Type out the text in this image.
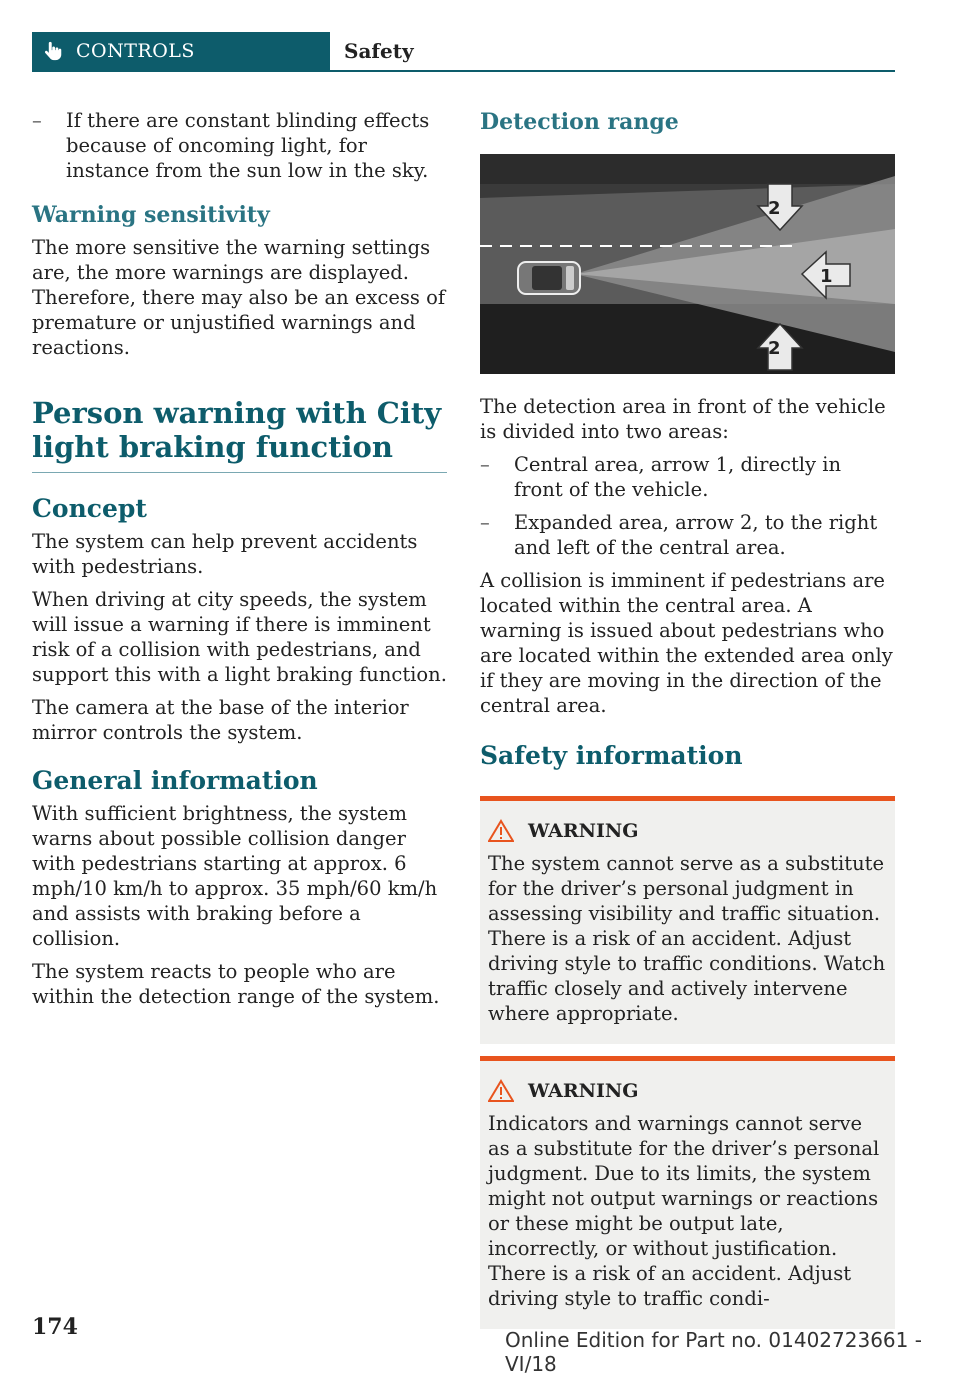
CONTROLS	Safety
– If there are constant blinding effects because of oncoming light, for instance from the sun low in the sky.
Warning sensitivity

The more sensitive the warning settings are, the more warnings are displayed. Therefore, there may also be an excess of premature or unjustified warnings and reactions.

Person warning with City light braking function
Concept

The system can help prevent accidents with pedestrians.

When driving at city speeds, the system will issue a warning if there is imminent risk of a collision with pedestrians, and support this with a light braking function.

The camera at the base of the interior mirror controls the system.

General information

With sufficient brightness, the system warns about possible collision danger with pedestrians starting at approx. 6 mph/10 km/h to approx. 35 mph/60 km/h and assists with braking before a collision.

The system reacts to people who are within the detection range of the system.

Detection range
2
1
2

The detection area in front of the vehicle is divided into two areas:

– Central area, arrow 1, directly in front of the vehicle.
– Expanded area, arrow 2, to the right and left of the central area.

A collision is imminent if pedestrians are located within the central area. A warning is issued about pedestrians who are located within the extended area only if they are moving in the direction of the central area.

Safety information
WARNING

The system cannot serve as a substitute for the driver’s personal judgment in assessing visibility and traffic situation. There is a risk of an accident. Adjust driving style to traffic conditions. Watch traffic closely and actively intervene where appropriate.

WARNING

Indicators and warnings cannot serve as a substitute for the driver’s personal judgment. Due to its limits, the system might not output warnings or reactions or these might be output late, incorrectly, or without justification. There is a risk of an accident. Adjust driving style to traffic condi-

174	Online Edition for Part no. 01402723661 - VI/18
